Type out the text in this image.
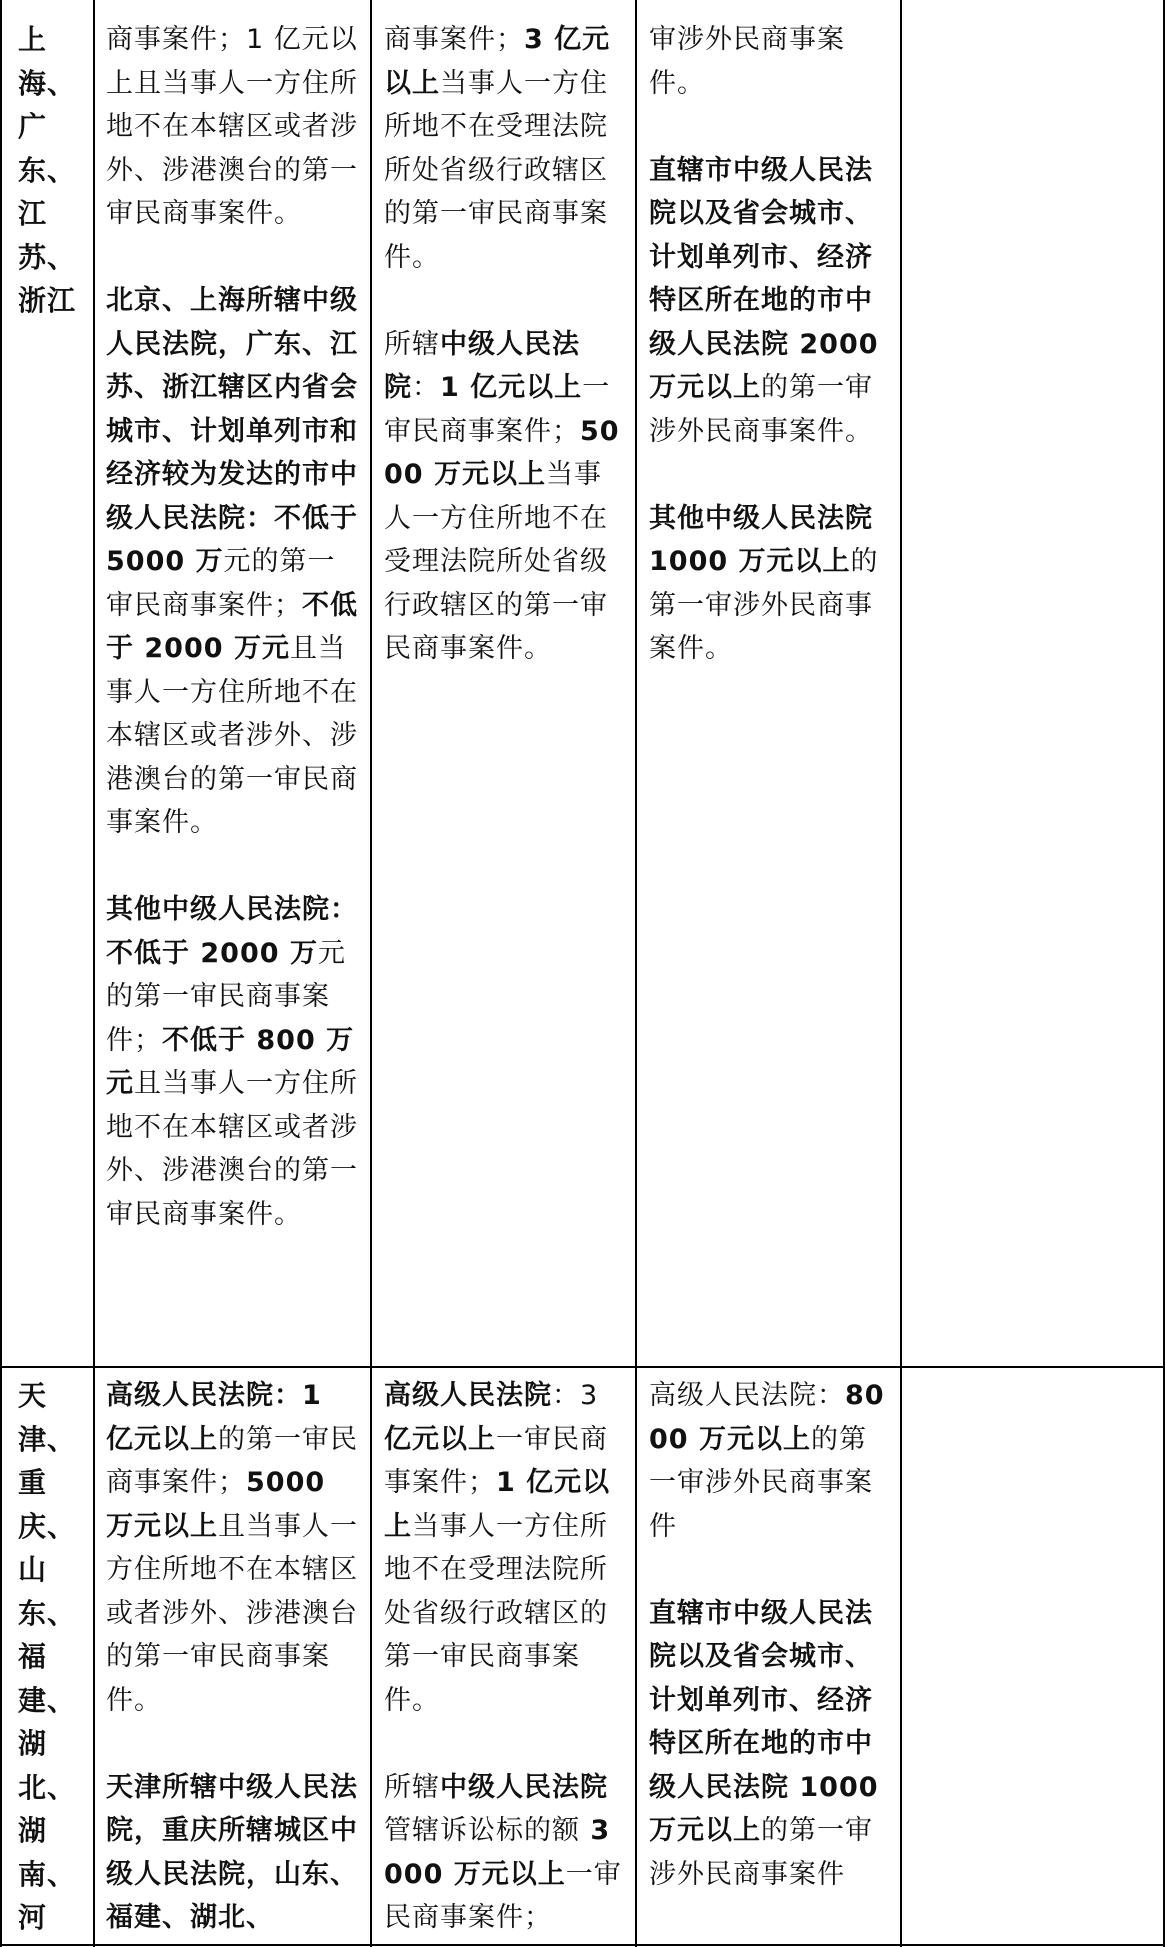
上海、广东、江苏、浙江

商事案件；1 亿元以上且当事人一方住所地不在本辖区或者涉外、涉港澳台的第一审民商事案件。

北京、上海所辖中级人民法院，广东、江苏、浙江辖区内省会城市、计划单列市和经济较为发达的市中级人民法院：不低于 5000 万元的第一审民商事案件；不低于 2000 万元且当事人一方住所地不在本辖区或者涉外、涉港澳台的第一审民商事案件。

其他中级人民法院：不低于 2000 万元的第一审民商事案件；不低于 800 万元且当事人一方住所地不在本辖区或者涉外、涉港澳台的第一审民商事案件。

商事案件；3 亿元以上当事人一方住所地不在受理法院所处省级行政辖区的第一审民商事案件。

所辖中级人民法院：1 亿元以上一审民商事案件；5000 万元以上当事人一方住所地不在受理法院所处省级行政辖区的第一审民商事案件。

审涉外民商事案件。

直辖市中级人民法院以及省会城市、计划单列市、经济特区所在地的市中级人民法院 2000 万元以上的第一审涉外民商事案件。

其他中级人民法院 1000 万元以上的第一审涉外民商事案件。

天津、重庆、山东、福建、湖北、湖南、河

高级人民法院：1 亿元以上的第一审民商事案件；5000 万元以上且当事人一方住所地不在本辖区或者涉外、涉港澳台的第一审民商事案件。

天津所辖中级人民法院，重庆所辖城区中级人民法院，山东、福建、湖北、

高级人民法院：3亿元以上一审民商事案件；1 亿元以上当事人一方住所地不在受理法院所处省级行政辖区的第一审民商事案件。

所辖中级人民法院管辖诉讼标的额 3000 万元以上一审民商事案件；

高级人民法院：8000 万元以上的第一审涉外民商事案件

直辖市中级人民法院以及省会城市、计划单列市、经济特区所在地的市中级人民法院 1000 万元以上的第一审涉外民商事案件
